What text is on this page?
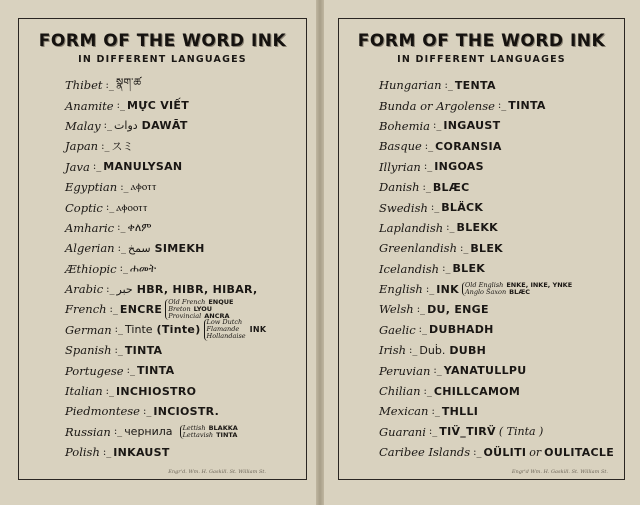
FORM OF THE WORD INK
IN DIFFERENT LANGUAGES
Thibet :_ སྣག་ཚ
Anamite :_ MỰC VIẾT
Malay :_ دوات DAWĀT
Japan :_ スミ
Java :_ MANULYSAN
Egyptian :_ ⲁⲫⲟⲧⲧ
Coptic :_ ⲁⲫⲟⲟⲧⲧ
Amharic :_ ቀለም
Algerian :_ سمخ SIMEKH
Æthiopic :_ ሐመት
Arabic :_ حبر HBR, HIBR, HIBAR,
French :_ ENCRE
Old French ENQUE
Breton LYOU
Provincial ANCRA
German :_ Tinte (Tinte)
Low Dutch
Flamande
Hollandaise
INK
Spanish :_ TINTA
Portugese :_ TINTA
Italian :_ INCHIOSTRO
Piedmontese :_ INCIOSTR.
Russian :_ чернила Lettish BLAKKA
Lettavish TINTA
Polish :_ INKAUST
Engr'd. Wm. H. Gaskill. St. William St.
FORM OF THE WORD INK
IN DIFFERENT LANGUAGES
Hungarian :_ TENTA
Bunda or Argolense :_ TINTA
Bohemia :_ INGAUST
Basque :_ CORANSIA
Illyrian :_ INGOAS
Danish :_ BLÆC
Swedish :_ BLÄCK
Laplandish :_ BLEKK
Greenlandish :_ BLEK
Icelandish :_ BLEK
English :_ INK Old English ENKE, INKE, YNKE
Anglo Saxon BLÆC
Welsh :_ DU, ENGE
Gaelic :_ DUBHADH
Irish :_ Duḃ. DUBH
Peruvian :_ YANATULLPU
Chilian :_ CHILLCAMOM
Mexican :_ THLLI
Guarani :_ TIV̈_TIRV̈ ( Tinta )
Caribee Islands :_ OÜLITI or OULITACLE
Engr'd Wm. H. Gaskill. St. William St.
